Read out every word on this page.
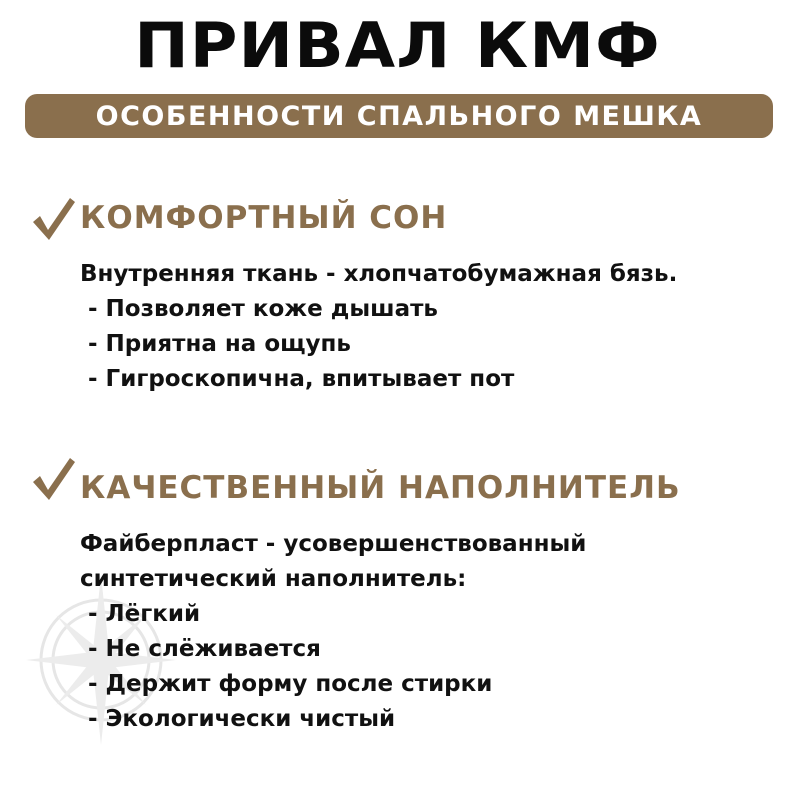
ПРИВАЛ КМФ
ОСОБЕННОСТИ СПАЛЬНОГО МЕШКА
КОМФОРТНЫЙ СОН
Внутренняя ткань - хлопчатобумажная бязь.
- Позволяет коже дышать
- Приятна на ощупь
- Гигроскопична, впитывает пот
КАЧЕСТВЕННЫЙ НАПОЛНИТЕЛЬ
Файберпласт - усовершенствованный
синтетический наполнитель:
- Лёгкий
- Не слёживается
- Держит форму после стирки
- Экологически чистый
